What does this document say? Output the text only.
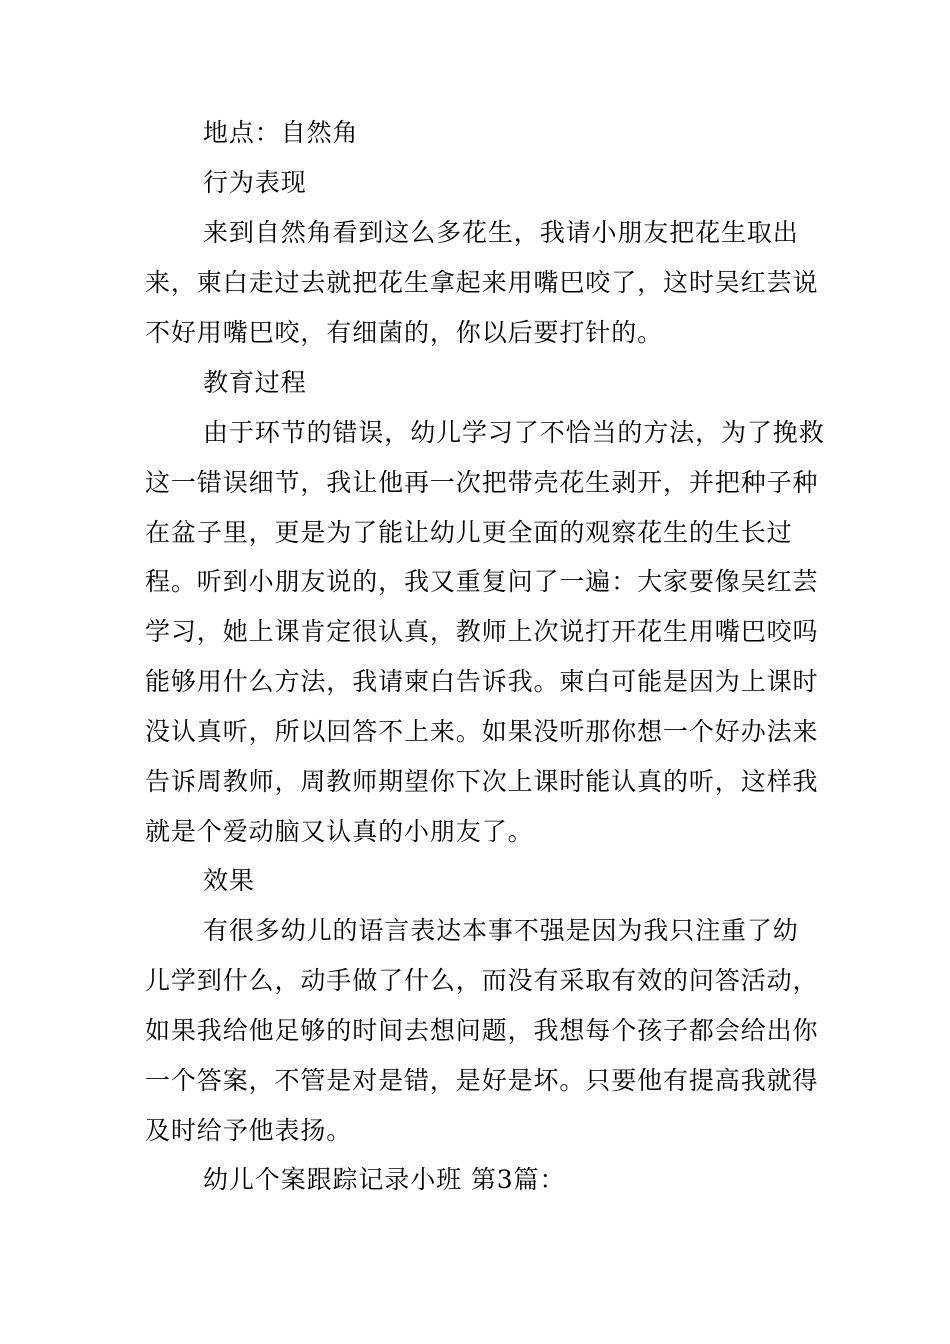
地点：自然角
行为表现
来到自然角看到这么多花生，我请小朋友把花生取出
来，柬白走过去就把花生拿起来用嘴巴咬了，这时吴红芸说
不好用嘴巴咬，有细菌的，你以后要打针的。
教育过程
由于环节的错误，幼儿学习了不恰当的方法，为了挽救
这一错误细节，我让他再一次把带壳花生剥开，并把种子种
在盆子里，更是为了能让幼儿更全面的观察花生的生长过
程。听到小朋友说的，我又重复问了一遍：大家要像吴红芸
学习，她上课肯定很认真，教师上次说打开花生用嘴巴咬吗
能够用什么方法，我请柬白告诉我。柬白可能是因为上课时
没认真听，所以回答不上来。如果没听那你想一个好办法来
告诉周教师，周教师期望你下次上课时能认真的听，这样我
就是个爱动脑又认真的小朋友了。
效果
有很多幼儿的语言表达本事不强是因为我只注重了幼
儿学到什么，动手做了什么，而没有采取有效的问答活动，
如果我给他足够的时间去想问题，我想每个孩子都会给出你
一个答案，不管是对是错，是好是坏。只要他有提高我就得
及时给予他表扬。
幼儿个案跟踪记录小班 第3篇：
